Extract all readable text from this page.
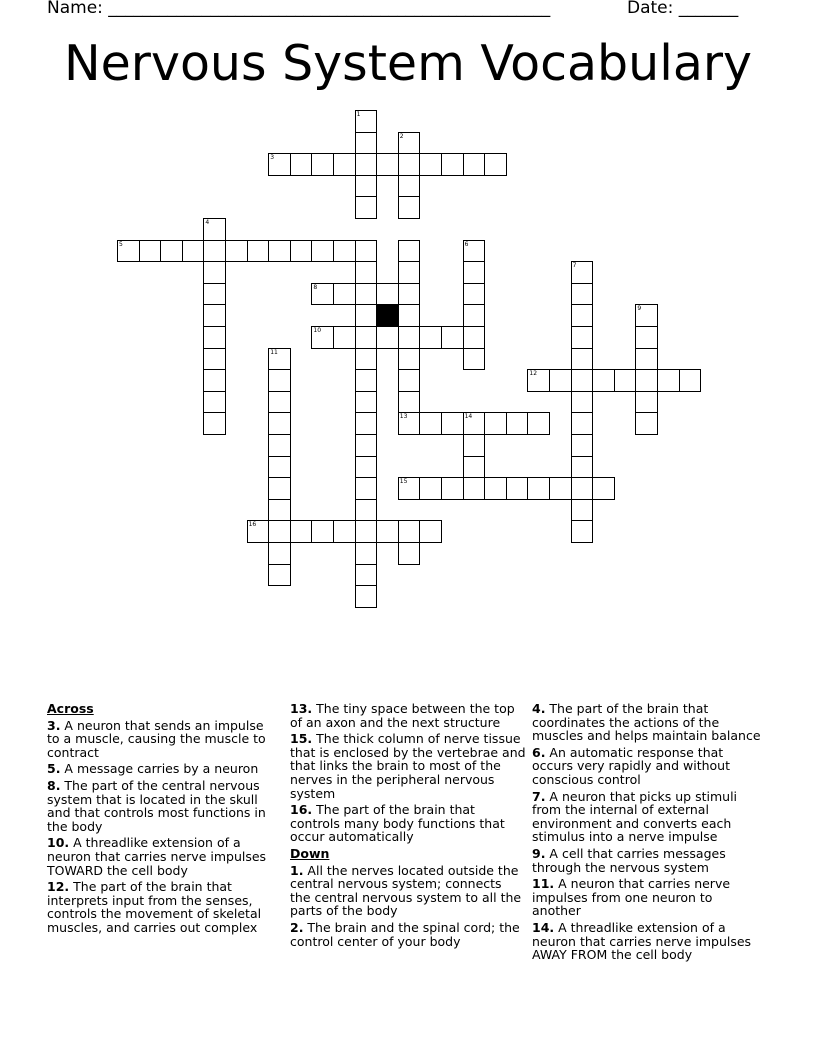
Name: ____________________________________________________	Date: _______
Nervous System Vocabulary
1
2
3
4
5	6
7
8
9
10
11
12
13	14
15
16
Across
3. A neuron that sends an impulse to a muscle, causing the muscle to contract
5. A message carries by a neuron
8. The part of the central nervous system that is located in the skull and that controls most functions in the body
10. A threadlike extension of a neuron that carries nerve impulses TOWARD the cell body
12. The part of the brain that interprets input from the senses, controls the movement of skeletal muscles, and carries out complex
13. The tiny space between the top of an axon and the next structure
15. The thick column of nerve tissue that is enclosed by the vertebrae and that links the brain to most of the nerves in the peripheral nervous system
16. The part of the brain that controls many body functions that occur automatically
Down
1. All the nerves located outside the central nervous system; connects the central nervous system to all the parts of the body
2. The brain and the spinal cord; the control center of your body
4. The part of the brain that coordinates the actions of the muscles and helps maintain balance
6. An automatic response that occurs very rapidly and without conscious control
7. A neuron that picks up stimuli from the internal of external environment and converts each stimulus into a nerve impulse
9. A cell that carries messages through the nervous system
11. A neuron that carries nerve impulses from one neuron to another
14. A threadlike extension of a neuron that carries nerve impulses AWAY FROM the cell body
